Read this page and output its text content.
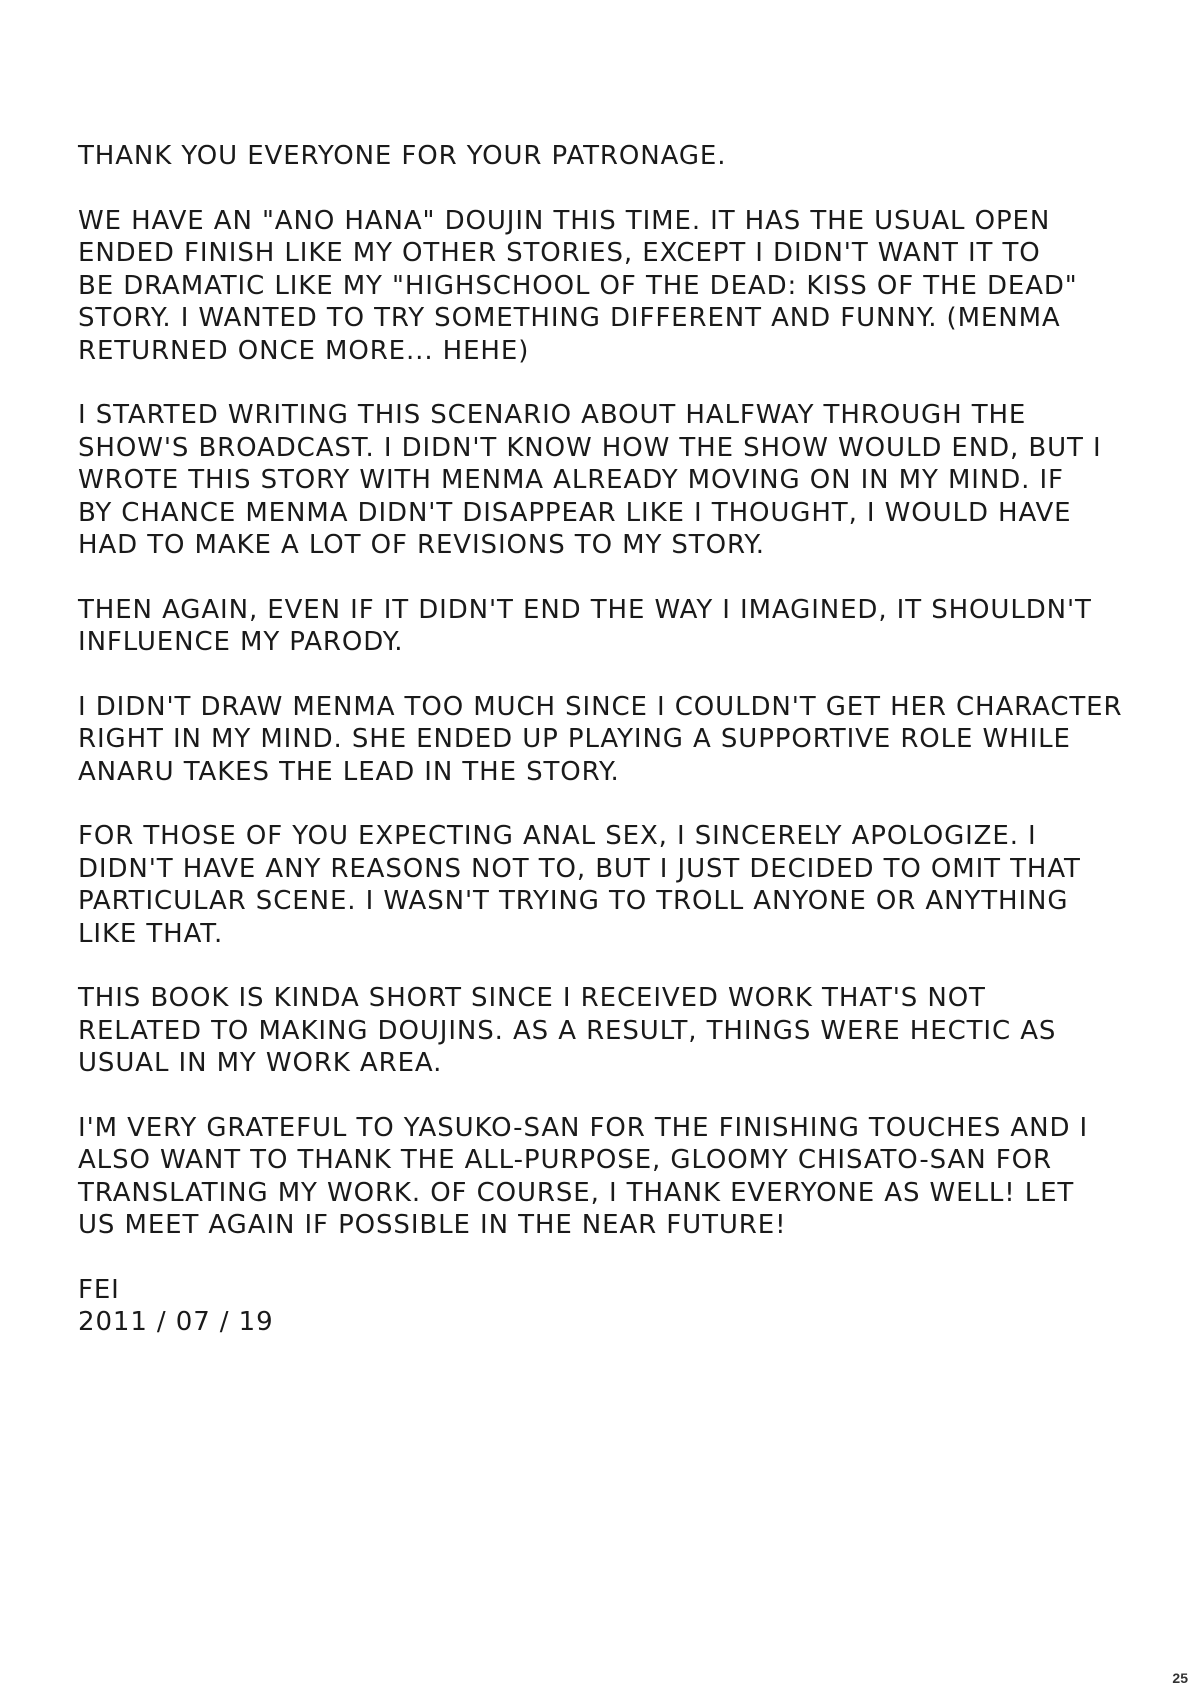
THANK YOU EVERYONE FOR YOUR PATRONAGE.

WE HAVE AN "ANO HANA" DOUJIN THIS TIME. IT HAS THE USUAL OPEN
ENDED FINISH LIKE MY OTHER STORIES, EXCEPT I DIDN'T WANT IT TO
BE DRAMATIC LIKE MY "HIGHSCHOOL OF THE DEAD: KISS OF THE DEAD"
STORY. I WANTED TO TRY SOMETHING DIFFERENT AND FUNNY. (MENMA
RETURNED ONCE MORE... HEHE)

I STARTED WRITING THIS SCENARIO ABOUT HALFWAY THROUGH THE
SHOW'S BROADCAST. I DIDN'T KNOW HOW THE SHOW WOULD END, BUT I
WROTE THIS STORY WITH MENMA ALREADY MOVING ON IN MY MIND. IF
BY CHANCE MENMA DIDN'T DISAPPEAR LIKE I THOUGHT, I WOULD HAVE
HAD TO MAKE A LOT OF REVISIONS TO MY STORY.

THEN AGAIN, EVEN IF IT DIDN'T END THE WAY I IMAGINED, IT SHOULDN'T
INFLUENCE MY PARODY.

I DIDN'T DRAW MENMA TOO MUCH SINCE I COULDN'T GET HER CHARACTER
RIGHT IN MY MIND. SHE ENDED UP PLAYING A SUPPORTIVE ROLE WHILE
ANARU TAKES THE LEAD IN THE STORY.

FOR THOSE OF YOU EXPECTING ANAL SEX, I SINCERELY APOLOGIZE. I
DIDN'T HAVE ANY REASONS NOT TO, BUT I JUST DECIDED TO OMIT THAT
PARTICULAR SCENE. I WASN'T TRYING TO TROLL ANYONE OR ANYTHING
LIKE THAT.

THIS BOOK IS KINDA SHORT SINCE I RECEIVED WORK THAT'S NOT
RELATED TO MAKING DOUJINS. AS A RESULT, THINGS WERE HECTIC AS
USUAL IN MY WORK AREA.

I'M VERY GRATEFUL TO YASUKO-SAN FOR THE FINISHING TOUCHES AND I
ALSO WANT TO THANK THE ALL-PURPOSE, GLOOMY CHISATO-SAN FOR
TRANSLATING MY WORK. OF COURSE, I THANK EVERYONE AS WELL! LET
US MEET AGAIN IF POSSIBLE IN THE NEAR FUTURE!

FEI

2011 / 07 / 19

25
